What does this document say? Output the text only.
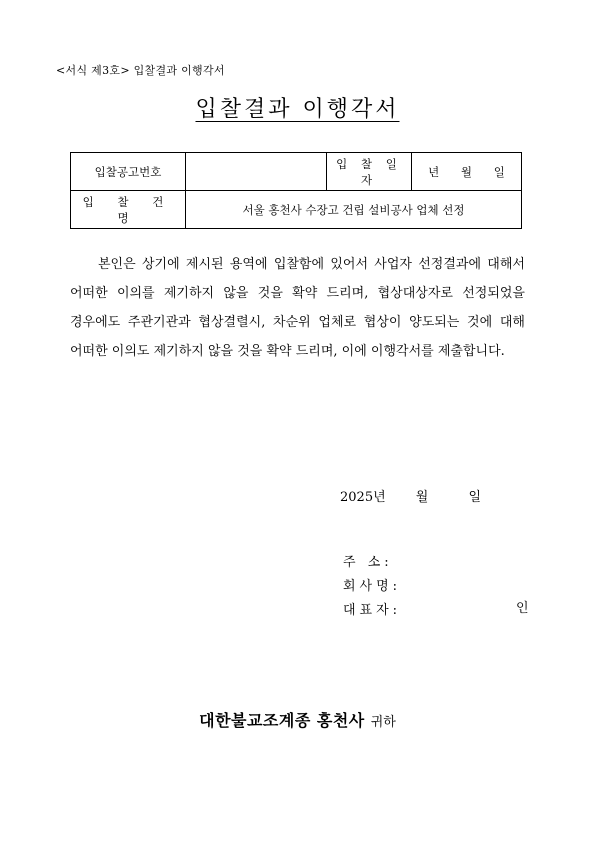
<서식 제3호> 입찰결과 이행각서
입찰결과 이행각서
입찰공고번호		입 찰 일 자	년 월 일
입 찰 건 명	서울 홍천사 수장고 건립 설비공사 업체 선정		
본인은 상기에 제시된 용역에 입찰함에 있어서 사업자 선정결과에 대해서 어떠한 이의를 제기하지 않을 것을 확약 드리며, 협상대상자로 선정되었을 경우에도 주관기관과 협상결렬시, 차순위 업체로 협상이 양도되는 것에 대해 어떠한 이의도 제기하지 않을 것을 확약 드리며, 이에 이행각서를 제출합니다.
2025년 월	일
주 소:
회사명:
대표자:	인
대한불교조계종 홍천사 귀하
